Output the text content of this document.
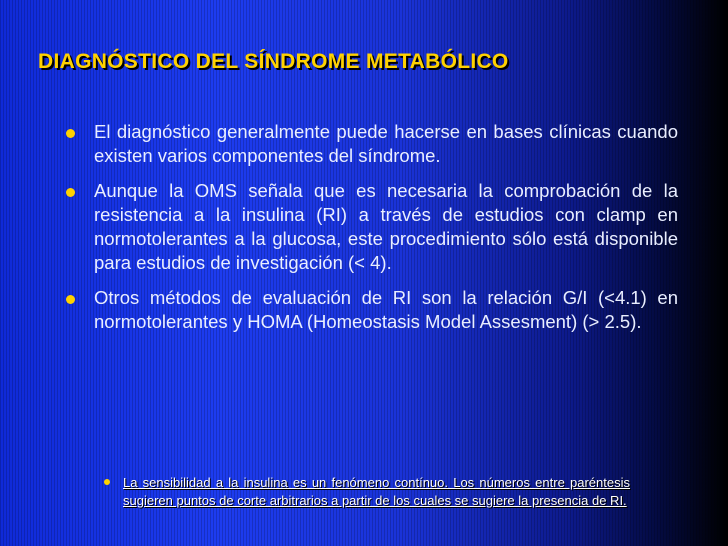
DIAGNÓSTICO DEL SÍNDROME METABÓLICO
El diagnóstico generalmente puede hacerse en bases clínicas cuando existen varios componentes del síndrome.
Aunque la OMS señala que es necesaria la comprobación de la resistencia a la insulina (RI) a través de estudios con clamp en normotolerantes a la glucosa, este procedimiento sólo está disponible para estudios de investigación (< 4).
Otros métodos de evaluación de RI son la relación G/I (<4.1) en normotolerantes y HOMA (Homeostasis Model Assesment) (> 2.5).
La sensibilidad a la insulina es un fenómeno contínuo. Los números entre paréntesis sugieren puntos de corte arbitrarios a partir de los cuales se sugiere la presencia de RI.
